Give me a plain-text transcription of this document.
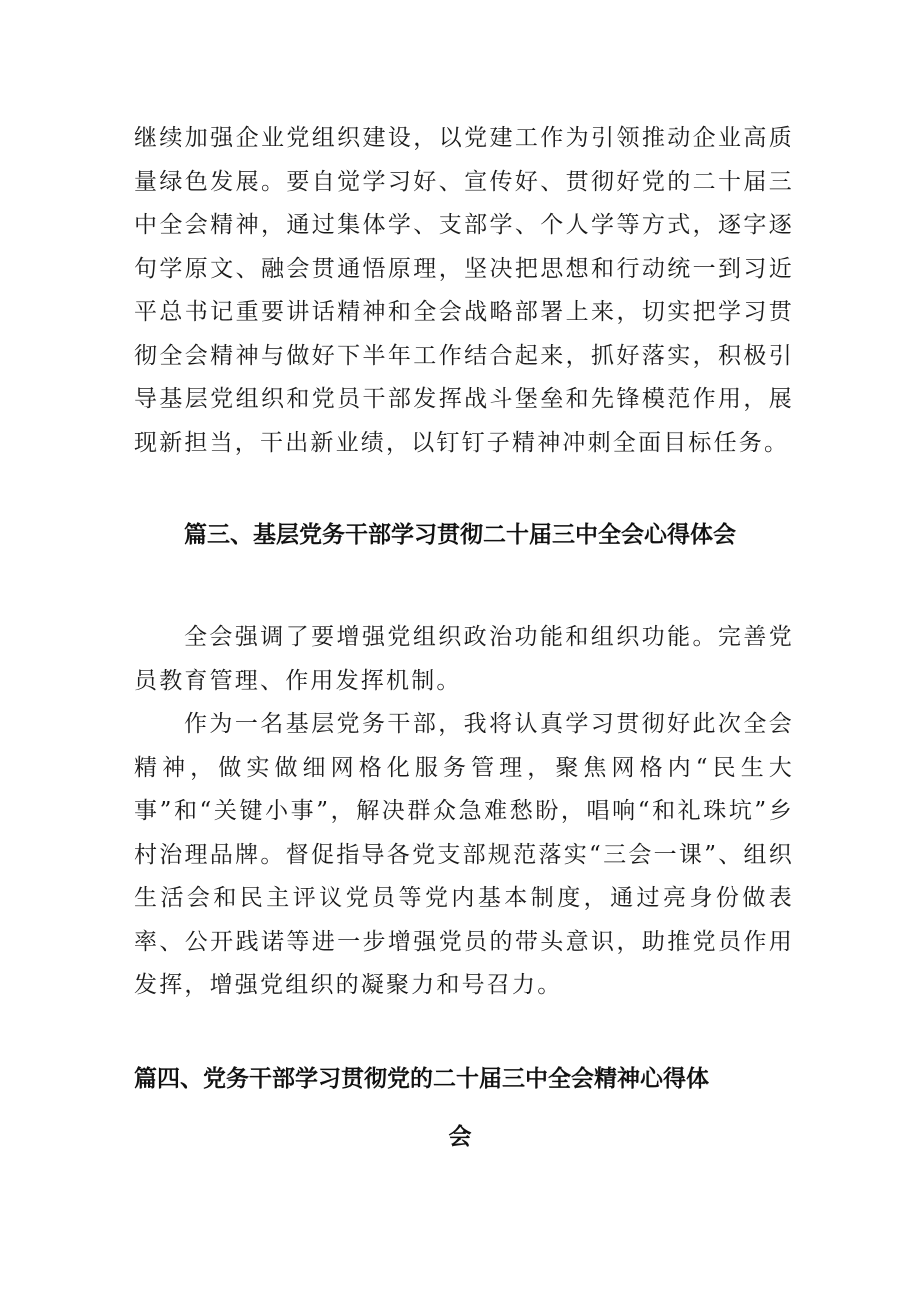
继续加强企业党组织建设，以党建工作为引领推动企业高质量绿色发展。要自觉学习好、宣传好、贯彻好党的二十届三中全会精神，通过集体学、支部学、个人学等方式，逐字逐句学原文、融会贯通悟原理，坚决把思想和行动统一到习近平总书记重要讲话精神和全会战略部署上来，切实把学习贯彻全会精神与做好下半年工作结合起来，抓好落实，积极引导基层党组织和党员干部发挥战斗堡垒和先锋模范作用，展现新担当，干出新业绩，以钉钉子精神冲刺全面目标任务。

篇三、基层党务干部学习贯彻二十届三中全会心得体会

全会强调了要增强党组织政治功能和组织功能。完善党员教育管理、作用发挥机制。

作为一名基层党务干部，我将认真学习贯彻好此次全会精神，做实做细网格化服务管理，聚焦网格内“民生大事”和“关键小事”，解决群众急难愁盼，唱响“和礼珠坑”乡村治理品牌。督促指导各党支部规范落实“三会一课”、组织生活会和民主评议党员等党内基本制度，通过亮身份做表率、公开践诺等进一步增强党员的带头意识，助推党员作用发挥，增强党组织的凝聚力和号召力。

篇四、党务干部学习贯彻党的二十届三中全会精神心得体
会
